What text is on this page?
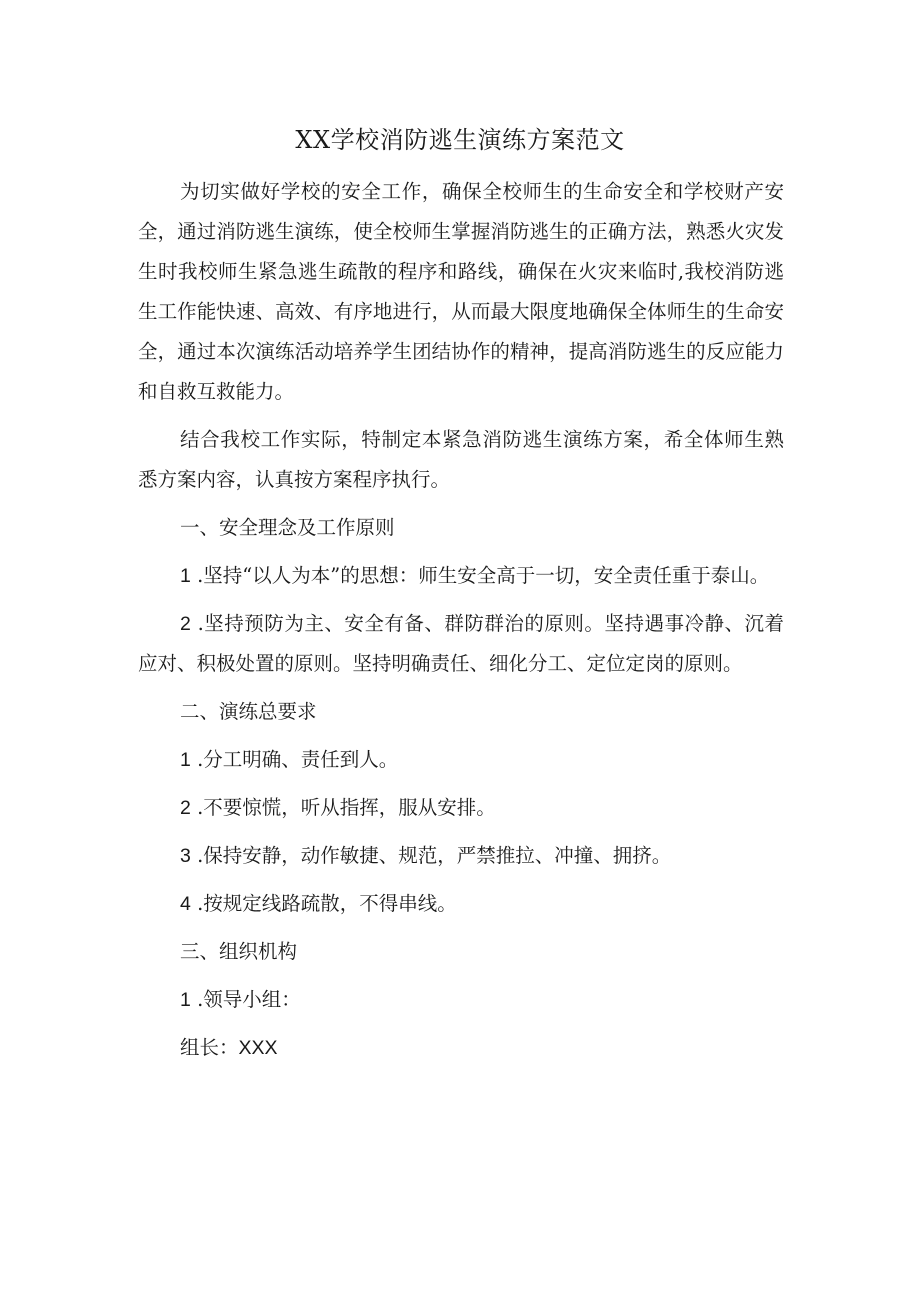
XX学校消防逃生演练方案范文

为切实做好学校的安全工作，确保全校师生的生命安全和学校财产安全，通过消防逃生演练，使全校师生掌握消防逃生的正确方法，熟悉火灾发生时我校师生紧急逃生疏散的程序和路线，确保在火灾来临时,我校消防逃生工作能快速、高效、有序地进行，从而最大限度地确保全体师生的生命安全，通过本次演练活动培养学生团结协作的精神，提高消防逃生的反应能力和自救互救能力。

结合我校工作实际，特制定本紧急消防逃生演练方案，希全体师生熟悉方案内容，认真按方案程序执行。

一、安全理念及工作原则

1 .坚持“以人为本”的思想：师生安全高于一切，安全责任重于泰山。

2 .坚持预防为主、安全有备、群防群治的原则。坚持遇事冷静、沉着应对、积极处置的原则。坚持明确责任、细化分工、定位定岗的原则。

二、演练总要求

1 .分工明确、责任到人。

2 .不要惊慌，听从指挥，服从安排。

3 .保持安静，动作敏捷、规范，严禁推拉、冲撞、拥挤。

4 .按规定线路疏散，不得串线。

三、组织机构

1 .领导小组：

组长：XXX
